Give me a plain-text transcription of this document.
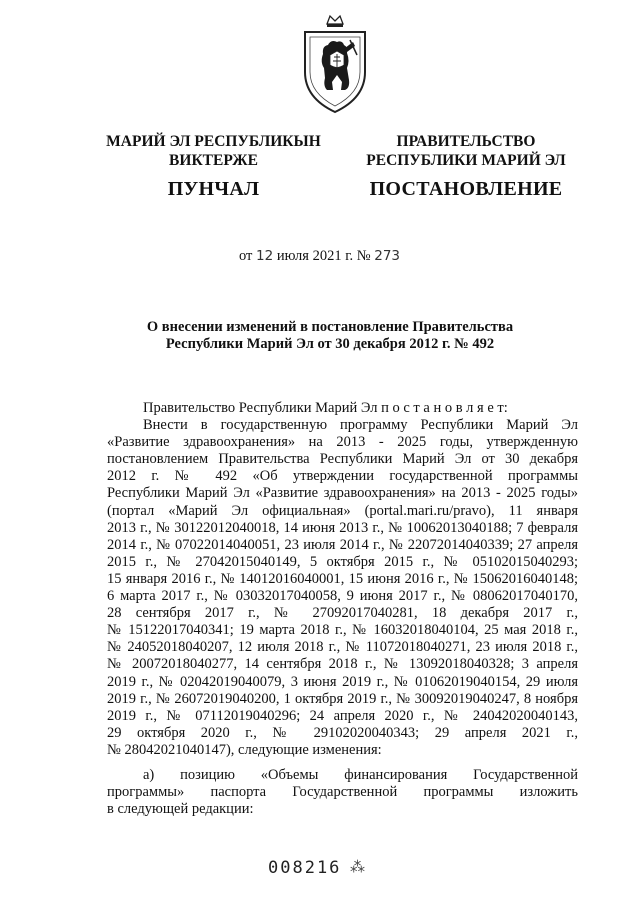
МАРИЙ ЭЛ РЕСПУБЛИКЫН
ВИКТЕРЖЕ
ПУНЧАЛ
ПРАВИТЕЛЬСТВО
РЕСПУБЛИКИ МАРИЙ ЭЛ
ПОСТАНОВЛЕНИЕ
от 12 июля 2021 г. № 273
О внесении изменений в постановление Правительства
Республики Марий Эл от 30 декабря 2012 г. № 492
Правительство Республики Марий Эл п о с т а н о в л я е т:
Внести в государственную программу Республики Марий Эл
«Развитие здравоохранения» на 2013 - 2025 годы, утвержденную
постановлением Правительства Республики Марий Эл от 30 декабря
2012 г. № 492 «Об утверждении государственной программы
Республики Марий Эл «Развитие здравоохранения» на 2013 - 2025 годы»
(портал «Марий Эл официальная» (portal.mari.ru/pravo), 11 января
2013 г., № 30122012040018, 14 июня 2013 г., № 10062013040188; 7 февраля
2014 г., № 07022014040051, 23 июля 2014 г., № 22072014040339; 27 апреля
2015 г., № 27042015040149, 5 октября 2015 г., № 05102015040293;
15 января 2016 г., № 14012016040001, 15 июня 2016 г., № 15062016040148;
6 марта 2017 г., № 03032017040058, 9 июня 2017 г., № 08062017040170,
28 сентября 2017 г., № 27092017040281, 18 декабря 2017 г.,
№ 15122017040341; 19 марта 2018 г., № 16032018040104, 25 мая 2018 г.,
№ 24052018040207, 12 июля 2018 г., № 11072018040271, 23 июля 2018 г.,
№ 20072018040277, 14 сентября 2018 г., № 13092018040328; 3 апреля
2019 г., № 02042019040079, 3 июня 2019 г., № 01062019040154, 29 июля
2019 г., № 26072019040200, 1 октября 2019 г., № 30092019040247, 8 ноября
2019 г., № 07112019040296; 24 апреля 2020 г., № 24042020040143,
29 октября 2020 г., № 29102020040343; 29 апреля 2021 г.,
№ 28042021040147), следующие изменения:
а) позицию «Объемы финансирования Государственной
программы» паспорта Государственной программы изложить
в следующей редакции:
008216 ⁂
